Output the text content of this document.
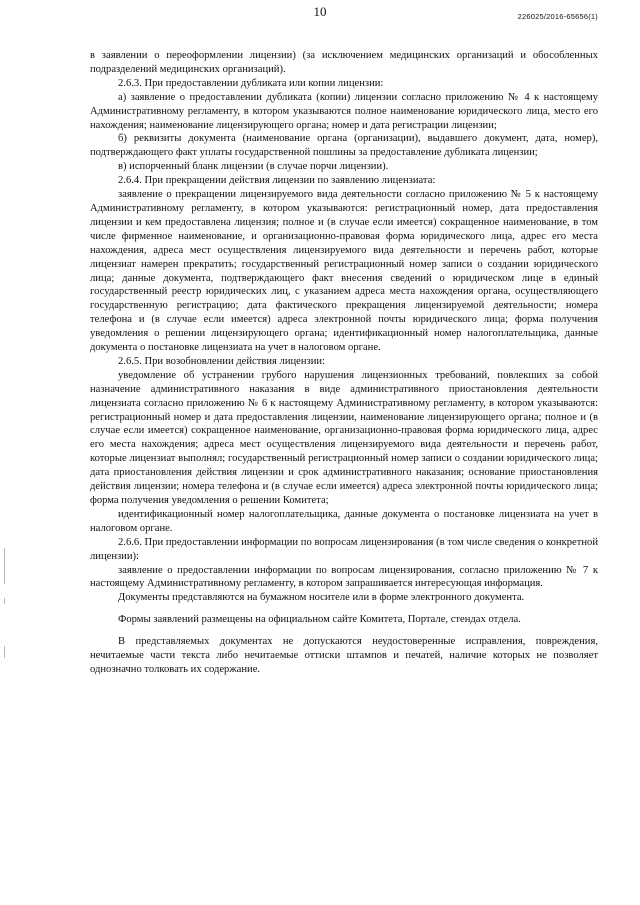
10	226025/2016-65656(1)

в заявлении о переоформлении лицензии) (за исключением медицинских организаций и обособленных подразделений медицинских организаций).

2.6.3. При предоставлении дубликата или копии лицензии:

а) заявление о предоставлении дубликата (копии) лицензии согласно приложению № 4 к настоящему Административному регламенту, в котором указываются полное наименование юридического лица, место его нахождения; наименование лицензирующего органа; номер и дата регистрации лицензии;

б) реквизиты документа (наименование органа (организации), выдавшего документ, дата, номер), подтверждающего факт уплаты государственной пошлины за предоставление дубликата лицензии;

в) испорченный бланк лицензии (в случае порчи лицензии).

2.6.4. При прекращении действия лицензии по заявлению лицензиата:

заявление о прекращении лицензируемого вида деятельности согласно приложению № 5 к настоящему Административному регламенту, в котором указываются: регистрационный номер, дата предоставления лицензии и кем предоставлена лицензия; полное и (в случае если имеется) сокращенное наименование, в том числе фирменное наименование, и организационно-правовая форма юридического лица, адрес его места нахождения, адреса мест осуществления лицензируемого вида деятельности и перечень работ, которые лицензиат намерен прекратить; государственный регистрационный номер записи о создании юридического лица; данные документа, подтверждающего факт внесения сведений о юридическом лице в единый государственный реестр юридических лиц, с указанием адреса места нахождения органа, осуществляющего государственную регистрацию; дата фактического прекращения лицензируемой деятельности; номера телефона и (в случае если имеется) адреса электронной почты юридического лица; форма получения уведомления о решении лицензирующего органа; идентификационный номер налогоплательщика, данные документа о постановке лицензиата на учет в налоговом органе.

2.6.5. При возобновлении действия лицензии:

уведомление об устранении грубого нарушения лицензионных требований, повлекших за собой назначение административного наказания в виде административного приостановления деятельности лицензиата согласно приложению № 6 к настоящему Административному регламенту, в котором указываются: регистрационный номер и дата предоставления лицензии, наименование лицензирующего органа; полное и (в случае если имеется) сокращенное наименование, организационно-правовая форма юридического лица, адрес его места нахождения; адреса мест осуществления лицензируемого вида деятельности и перечень работ, которые лицензиат выполнял; государственный регистрационный номер записи о создании юридического лица; дата приостановления действия лицензии и срок административного наказания; основание приостановления действия лицензии; номера телефона и (в случае если имеется) адреса электронной почты юридического лица; форма получения уведомления о решении Комитета;

идентификационный номер налогоплательщика, данные документа о постановке лицензиата на учет в налоговом органе.

2.6.6. При предоставлении информации по вопросам лицензирования (в том числе сведения о конкретной лицензии):

заявление о предоставлении информации по вопросам лицензирования, согласно приложению № 7 к настоящему Административному регламенту, в котором запрашивается интересующая информация.

Документы представляются на бумажном носителе или в форме электронного документа.

Формы заявлений размещены на официальном сайте Комитета, Портале, стендах отдела.

В представляемых документах не допускаются неудостоверенные исправления, повреждения, нечитаемые части текста либо нечитаемые оттиски штампов и печатей, наличие которых не позволяет однозначно толковать их содержание.
